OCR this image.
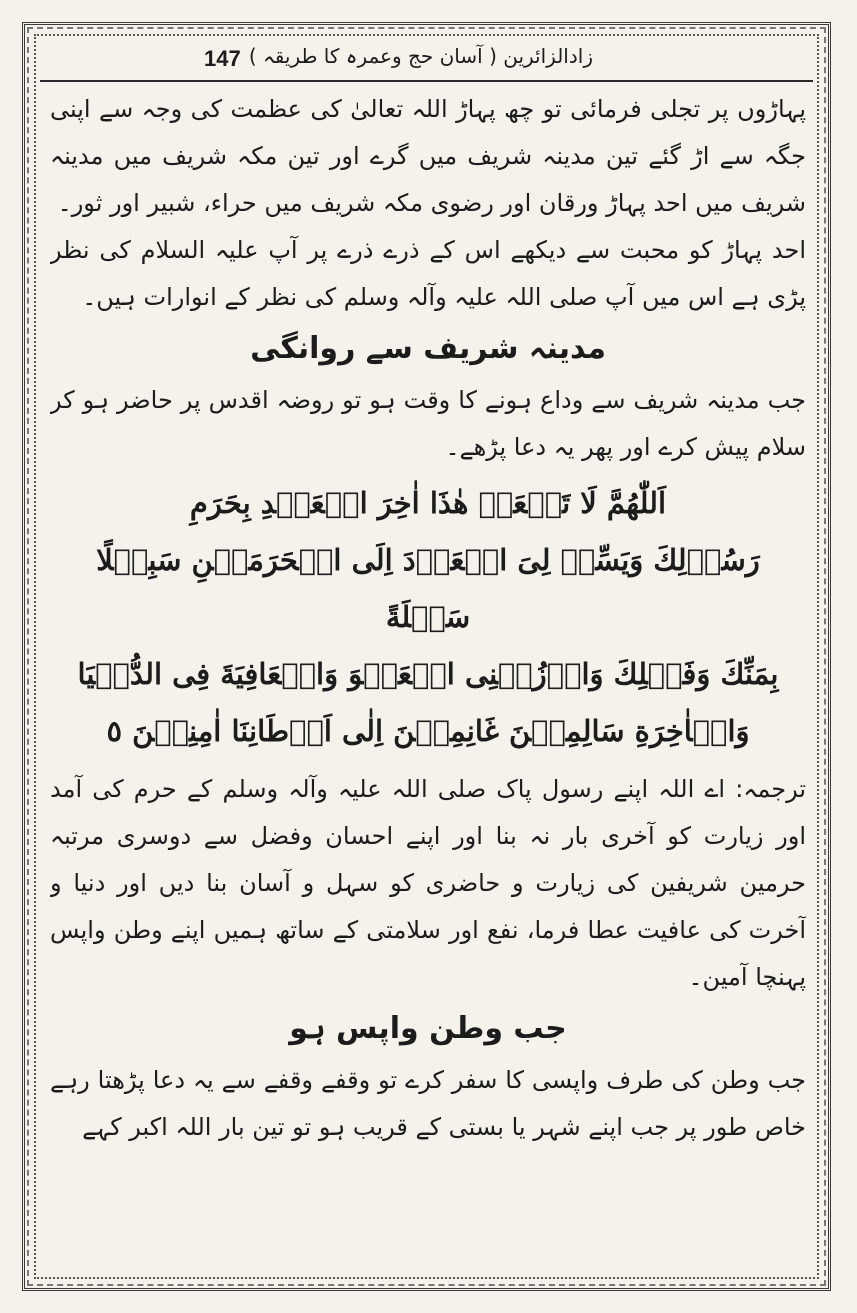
147 زادالزائرین ( آسان حج وعمرہ کا طریقہ )

پہاڑوں پر تجلی فرمائی تو چھ پہاڑ اللہ تعالیٰ کی عظمت کی وجہ سے اپنی جگہ سے اڑ گئے تین مدینہ شریف میں گرے اور تین مکہ شریف میں مدینہ شریف میں احد پہاڑ ورقان اور رضوی مکہ شریف میں حراء، شبیر اور ثور۔

احد پہاڑ کو محبت سے دیکھے اس کے ذرے ذرے پر آپ علیہ السلام کی نظر پڑی ہے اس میں آپ صلی اللہ علیہ وآلہ وسلم کی نظر کے انوارات ہیں۔

مدینہ شریف سے روانگی

جب مدینہ شریف سے وداع ہونے کا وقت ہو تو روضہ اقدس پر حاضر ہو کر سلام پیش کرے اور پھر یہ دعا پڑھے۔

اَللّٰھُمَّ لَا تَجۡعَلۡ ھٰذَا اٰخِرَ الۡعَھۡدِ بِحَرَمِ
رَسُوۡلِكَ وَیَسِّرۡ لِیَ الۡعَوۡدَ اِلَی الۡحَرَمَیۡنِ سَبِیۡلًا سَھۡلَةً
بِمَنِّكَ وَفَضۡلِكَ وَارۡزُقۡنِی الۡعَفۡوَ وَالۡعَافِیَةَ فِی الدُّنۡیَا
وَالۡاٰخِرَةِ سَالِمِیۡنَ غَانِمِیۡنَ اِلٰی اَوۡطَانِنَا اٰمِنِیۡنَ ٥

ترجمہ: اے اللہ اپنے رسول پاک صلی اللہ علیہ وآلہ وسلم کے حرم کی آمد اور زیارت کو آخری بار نہ بنا اور اپنے احسان وفضل سے دوسری مرتبہ حرمین شریفین کی زیارت و حاضری کو سہل و آسان بنا دیں اور دنیا و آخرت کی عافیت عطا فرما، نفع اور سلامتی کے ساتھ ہمیں اپنے وطن واپس پہنچا آمین۔

جب وطن واپس ہو

جب وطن کی طرف واپسی کا سفر کرے تو وقفے وقفے سے یہ دعا پڑھتا رہے خاص طور پر جب اپنے شہر یا بستی کے قریب ہو تو تین بار اللہ اکبر کہے
